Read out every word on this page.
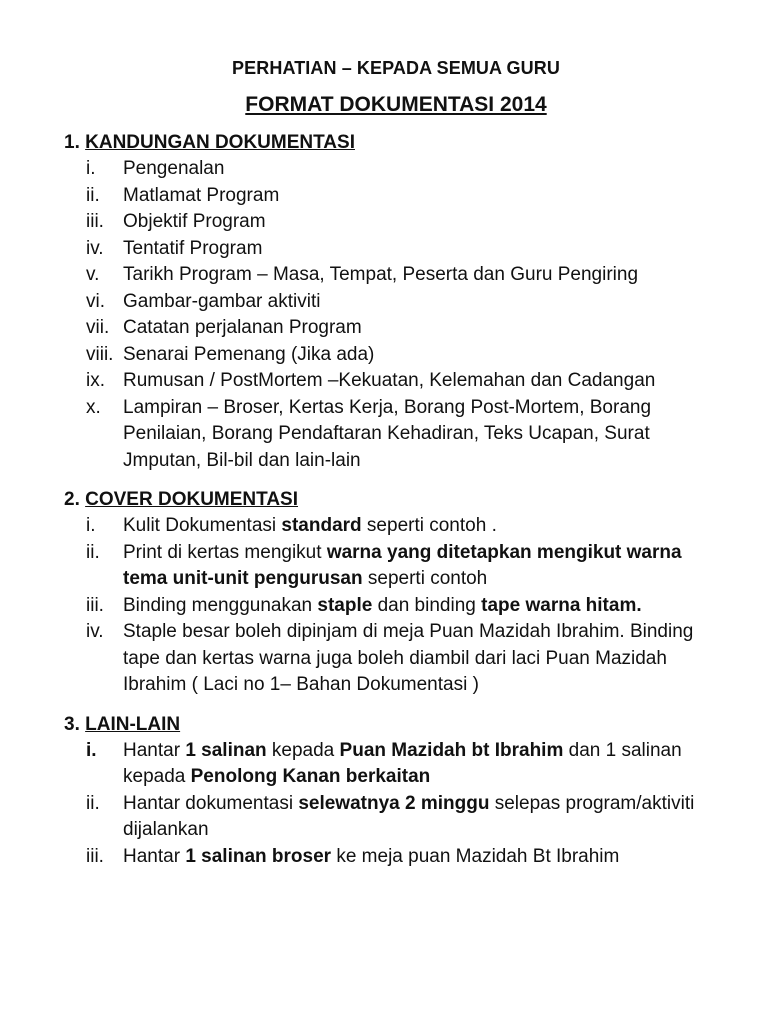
PERHATIAN – KEPADA SEMUA GURU
FORMAT DOKUMENTASI 2014
1. KANDUNGAN DOKUMENTASI
i.	Pengenalan
ii.	Matlamat Program
iii.	Objektif Program
iv.	Tentatif Program
v.	Tarikh Program – Masa, Tempat, Peserta dan Guru Pengiring
vi. Gambar-gambar aktiviti
vii. Catatan perjalanan Program
viii. Senarai Pemenang (Jika ada)
ix. Rumusan / PostMortem –Kekuatan, Kelemahan dan Cadangan
x.	Lampiran – Broser, Kertas Kerja, Borang Post-Mortem, Borang Penilaian, Borang Pendaftaran Kehadiran, Teks Ucapan, Surat Jmputan, Bil-bil dan lain-lain
2. COVER DOKUMENTASI
i.	Kulit Dokumentasi standard seperti contoh .
ii.	Print di kertas mengikut warna yang ditetapkan mengikut warna tema unit-unit pengurusan seperti contoh
iii.	Binding menggunakan staple dan binding tape warna hitam.
iv.	Staple besar boleh dipinjam di meja Puan Mazidah Ibrahim. Binding tape dan kertas warna juga boleh diambil dari laci Puan Mazidah Ibrahim ( Laci no 1– Bahan Dokumentasi )
3. LAIN-LAIN
i.	Hantar 1 salinan kepada Puan Mazidah bt Ibrahim dan 1 salinan kepada Penolong Kanan berkaitan
ii.	Hantar dokumentasi selewatnya 2 minggu selepas program/aktiviti dijalankan
iii.	Hantar 1 salinan broser ke meja puan Mazidah Bt Ibrahim
